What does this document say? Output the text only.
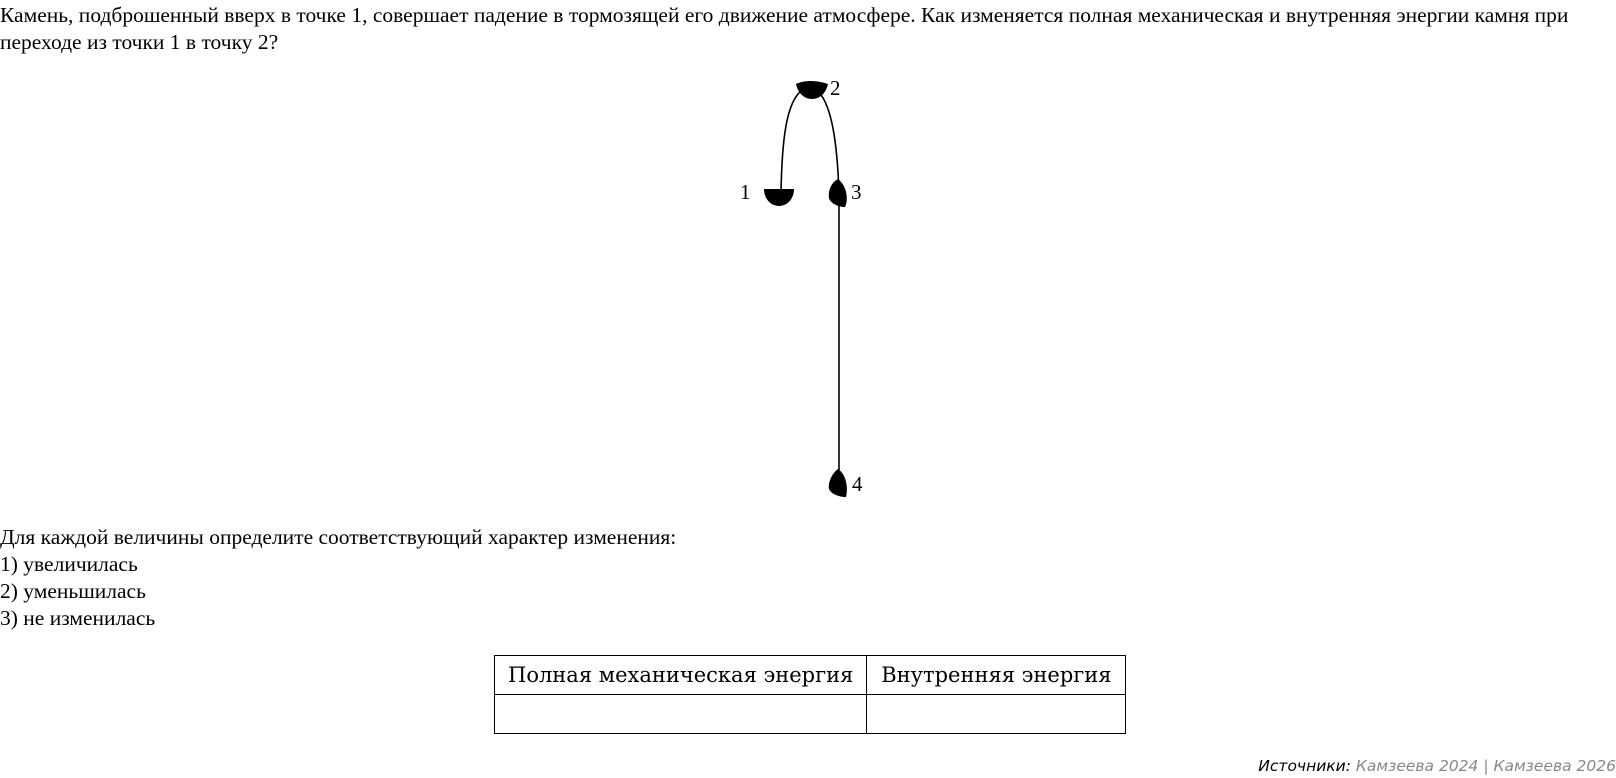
Камень, подброшенный вверх в точке 1, совершает падение в тормозящей его движение атмосфере. Как изменяется полная механическая и внутренняя энергии камня при переходе из точки 1 в точку 2?

1
2
3
4
Для каждой величины определите соответствующий характер изменения:
1) увеличилась
2) уменьшилась
3) не изменилась
Полная механическая энергия	Внутренняя энергия

Источники: Камзеева 2024 | Камзеева 2026
